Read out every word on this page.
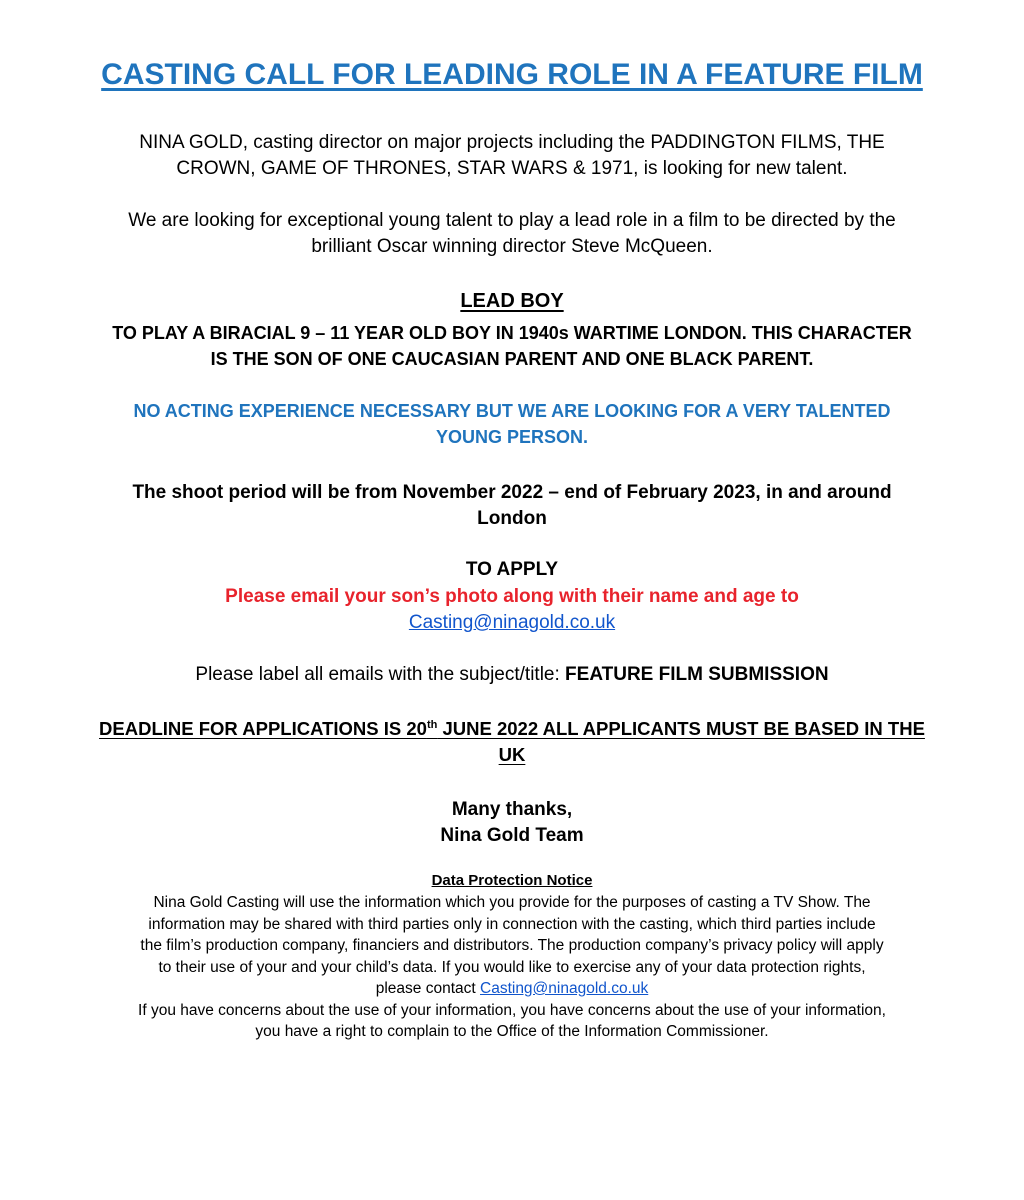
CASTING CALL FOR LEADING ROLE IN A FEATURE FILM

NINA GOLD, casting director on major projects including the PADDINGTON FILMS, THE
CROWN, GAME OF THRONES, STAR WARS & 1971, is looking for new talent.

We are looking for exceptional young talent to play a lead role in a film to be directed by the
brilliant Oscar winning director Steve McQueen.

LEAD BOY

TO PLAY A BIRACIAL 9 – 11 YEAR OLD BOY IN 1940s WARTIME LONDON. THIS CHARACTER
IS THE SON OF ONE CAUCASIAN PARENT AND ONE BLACK PARENT.

NO ACTING EXPERIENCE NECESSARY BUT WE ARE LOOKING FOR A VERY TALENTED
YOUNG PERSON.

The shoot period will be from November 2022 – end of February 2023, in and around
London

TO APPLY

Please email your son’s photo along with their name and age to

Casting@ninagold.co.uk

Please label all emails with the subject/title: FEATURE FILM SUBMISSION

DEADLINE FOR APPLICATIONS IS 20th JUNE 2022 ALL APPLICANTS MUST BE BASED IN THE
UK

Many thanks,
Nina Gold Team

Data Protection Notice

Nina Gold Casting will use the information which you provide for the purposes of casting a TV Show. The
information may be shared with third parties only in connection with the casting, which third parties include
the film’s production company, financiers and distributors. The production company’s privacy policy will apply
to their use of your and your child’s data. If you would like to exercise any of your data protection rights,
please contact Casting@ninagold.co.uk
If you have concerns about the use of your information, you have concerns about the use of your information,
you have a right to complain to the Office of the Information Commissioner.
